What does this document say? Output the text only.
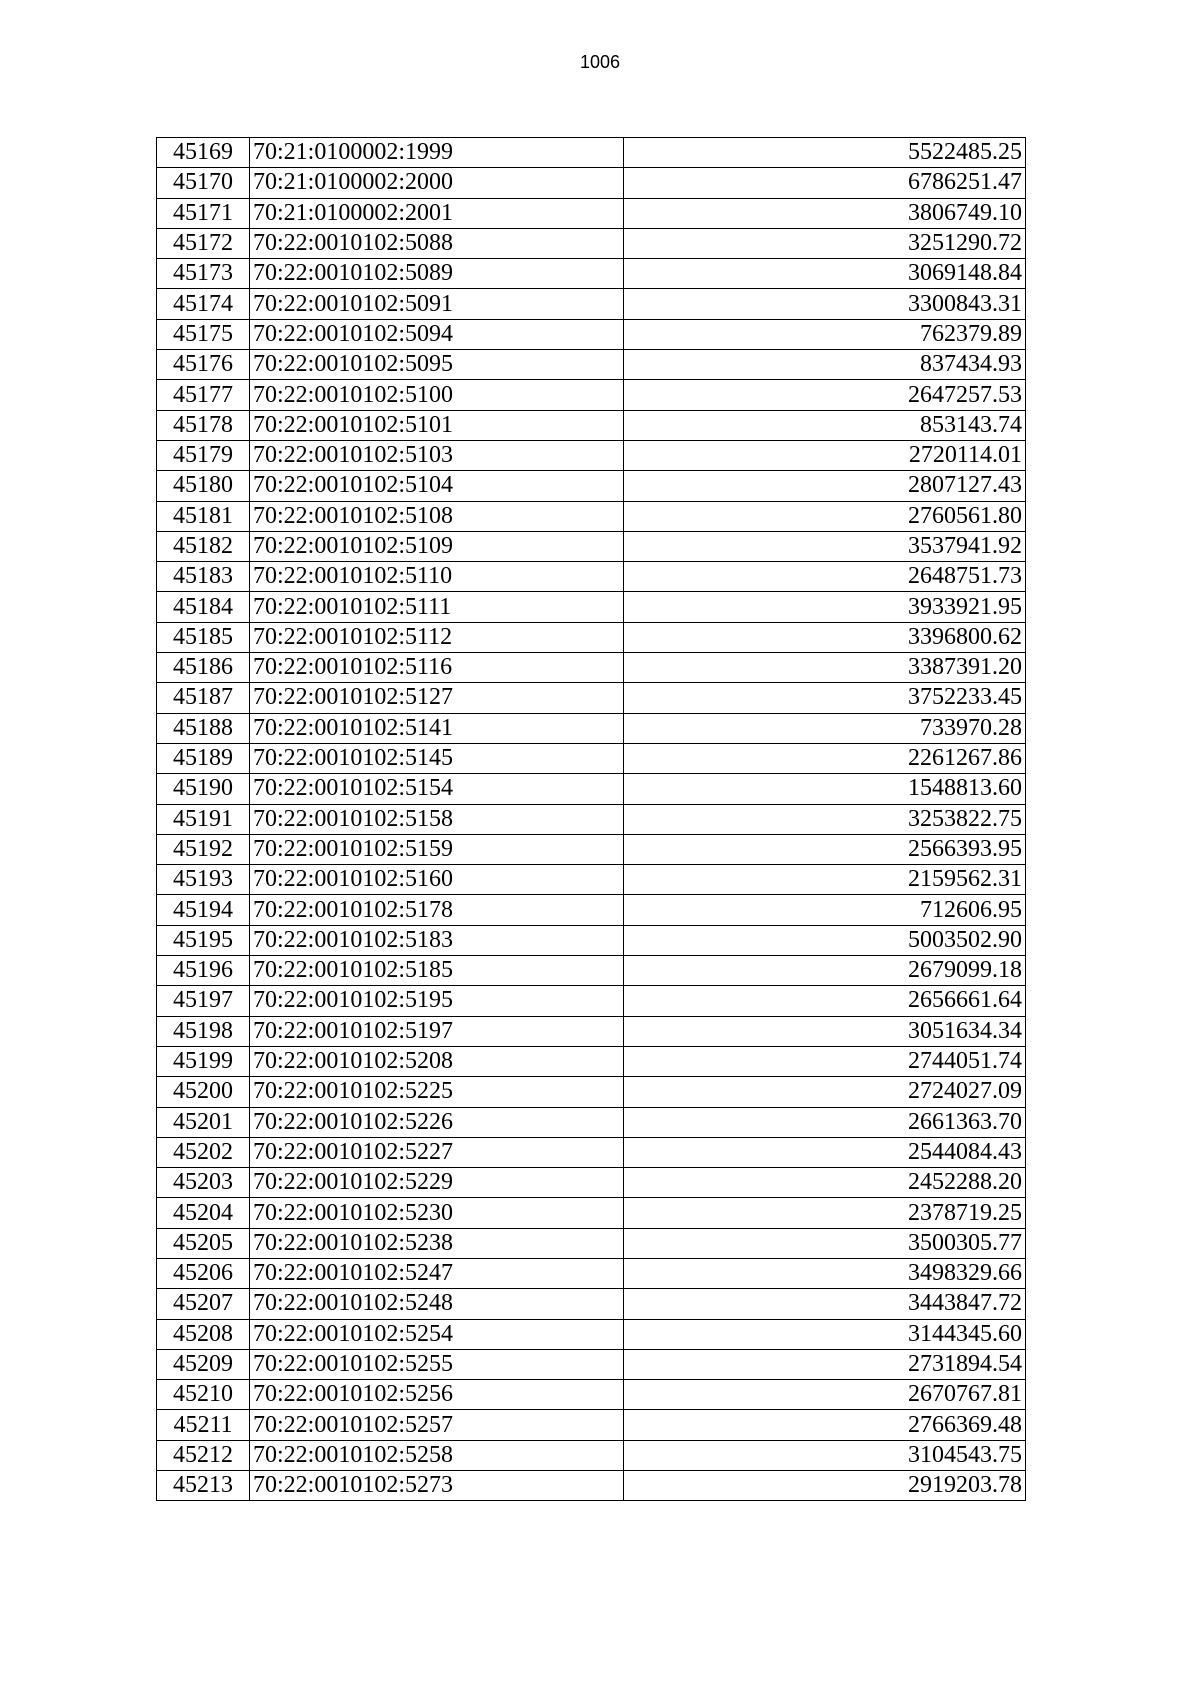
1006
45169	70:21:0100002:1999	5522485.25
45170	70:21:0100002:2000	6786251.47
45171	70:21:0100002:2001	3806749.10
45172	70:22:0010102:5088	3251290.72
45173	70:22:0010102:5089	3069148.84
45174	70:22:0010102:5091	3300843.31
45175	70:22:0010102:5094	762379.89
45176	70:22:0010102:5095	837434.93
45177	70:22:0010102:5100	2647257.53
45178	70:22:0010102:5101	853143.74
45179	70:22:0010102:5103	2720114.01
45180	70:22:0010102:5104	2807127.43
45181	70:22:0010102:5108	2760561.80
45182	70:22:0010102:5109	3537941.92
45183	70:22:0010102:5110	2648751.73
45184	70:22:0010102:5111	3933921.95
45185	70:22:0010102:5112	3396800.62
45186	70:22:0010102:5116	3387391.20
45187	70:22:0010102:5127	3752233.45
45188	70:22:0010102:5141	733970.28
45189	70:22:0010102:5145	2261267.86
45190	70:22:0010102:5154	1548813.60
45191	70:22:0010102:5158	3253822.75
45192	70:22:0010102:5159	2566393.95
45193	70:22:0010102:5160	2159562.31
45194	70:22:0010102:5178	712606.95
45195	70:22:0010102:5183	5003502.90
45196	70:22:0010102:5185	2679099.18
45197	70:22:0010102:5195	2656661.64
45198	70:22:0010102:5197	3051634.34
45199	70:22:0010102:5208	2744051.74
45200	70:22:0010102:5225	2724027.09
45201	70:22:0010102:5226	2661363.70
45202	70:22:0010102:5227	2544084.43
45203	70:22:0010102:5229	2452288.20
45204	70:22:0010102:5230	2378719.25
45205	70:22:0010102:5238	3500305.77
45206	70:22:0010102:5247	3498329.66
45207	70:22:0010102:5248	3443847.72
45208	70:22:0010102:5254	3144345.60
45209	70:22:0010102:5255	2731894.54
45210	70:22:0010102:5256	2670767.81
45211	70:22:0010102:5257	2766369.48
45212	70:22:0010102:5258	3104543.75
45213	70:22:0010102:5273	2919203.78
